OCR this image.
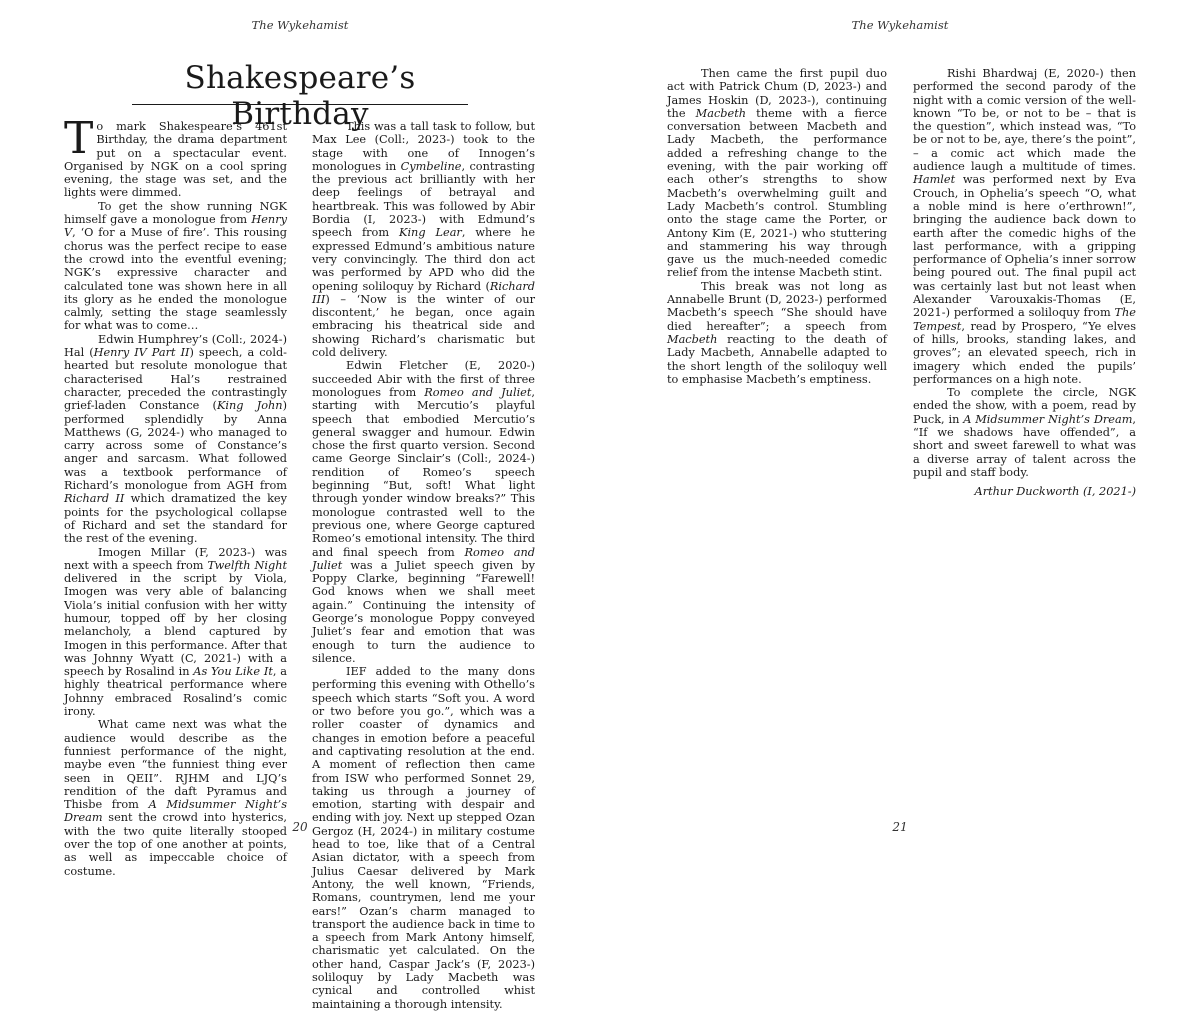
The Wykehamist
Shakespeare’s Birthday

To mark Shakespeare’s 461st Birthday, the drama department put on a spectacular event. Organised by NGK on a cool spring evening, the stage was set, and the lights were dimmed.

To get the show running NGK himself gave a monologue from Henry V, ‘O for a Muse of fire’. This rousing chorus was the perfect recipe to ease the crowd into the eventful evening; NGK’s expressive character and calculated tone was shown here in all its glory as he ended the monologue calmly, setting the stage seamlessly for what was to come…

Edwin Humphrey’s (Coll:, 2024-) Hal (Henry IV Part II) speech, a cold-hearted but resolute monologue that characterised Hal’s restrained character, preceded the contrastingly grief-laden Constance (King John) performed splendidly by Anna Matthews (G, 2024-) who managed to carry across some of Constance’s anger and sarcasm. What followed was a textbook performance of Richard’s monologue from AGH from Richard II which dramatized the key points for the psychological collapse of Richard and set the standard for the rest of the evening.

Imogen Millar (F, 2023-) was next with a speech from Twelfth Night delivered in the script by Viola, Imogen was very able of balancing Viola’s initial confusion with her witty humour, topped off by her closing melancholy, a blend captured by Imogen in this performance. After that was Johnny Wyatt (C, 2021-) with a speech by Rosalind in As You Like It, a highly theatrical performance where Johnny embraced Rosalind’s comic irony.

What came next was what the audience would describe as the funniest performance of the night, maybe even “the funniest thing ever seen in QEII”. RJHM and LJQ’s rendition of the daft Pyramus and Thisbe from A Midsummer Night’s Dream sent the crowd into hysterics, with the two quite literally stooped over the top of one another at points, as well as impeccable choice of costume.

This was a tall task to follow, but Max Lee (Coll:, 2023-) took to the stage with one of Innogen’s monologues in Cymbeline, contrasting the previous act brilliantly with her deep feelings of betrayal and heartbreak. This was followed by Abir Bordia (I, 2023-) with Edmund’s speech from King Lear, where he expressed Edmund’s ambitious nature very convincingly. The third don act was performed by APD who did the opening soliloquy by Richard (Richard III) – ‘Now is the winter of our discontent,’ he began, once again embracing his theatrical side and showing Richard’s charismatic but cold delivery.

Edwin Fletcher (E, 2020-) succeeded Abir with the first of three monologues from Romeo and Juliet, starting with Mercutio’s playful speech that embodied Mercutio’s general swagger and humour. Edwin chose the first quarto version. Second came George Sinclair’s (Coll:, 2024-) rendition of Romeo’s speech beginning “But, soft! What light through yonder window breaks?” This monologue contrasted well to the previous one, where George captured Romeo’s emotional intensity. The third and final speech from Romeo and Juliet was a Juliet speech given by Poppy Clarke, beginning “Farewell! God knows when we shall meet again.” Continuing the intensity of George’s monologue Poppy conveyed Juliet’s fear and emotion that was enough to turn the audience to silence.

IEF added to the many dons performing this evening with Othello’s speech which starts “Soft you. A word or two before you go.”, which was a roller coaster of dynamics and changes in emotion before a peaceful and captivating resolution at the end. A moment of reflection then came from ISW who performed Sonnet 29, taking us through a journey of emotion, starting with despair and ending with joy. Next up stepped Ozan Gergoz (H, 2024-) in military costume head to toe, like that of a Central Asian dictator, with a speech from Julius Caesar delivered by Mark Antony, the well known, “Friends, Romans, countrymen, lend me your ears!” Ozan’s charm managed to transport the audience back in time to a speech from Mark Antony himself, charismatic yet calculated. On the other hand, Caspar Jack’s (F, 2023-) soliloquy by Lady Macbeth was cynical and controlled whist maintaining a thorough intensity.

20
The Wykehamist
21

Then came the first pupil duo act with Patrick Chum (D, 2023-) and James Hoskin (D, 2023-), continuing the Macbeth theme with a fierce conversation between Macbeth and Lady Macbeth, the performance added a refreshing change to the evening, with the pair working off each other’s strengths to show Macbeth’s overwhelming guilt and Lady Macbeth’s control. Stumbling onto the stage came the Porter, or Antony Kim (E, 2021-) who stuttering and stammering his way through gave us the much-needed comedic relief from the intense Macbeth stint.

This break was not long as Annabelle Brunt (D, 2023-) performed Macbeth’s speech “She should have died hereafter”; a speech from Macbeth reacting to the death of Lady Macbeth, Annabelle adapted to the short length of the soliloquy well to emphasise Macbeth’s emptiness.

Rishi Bhardwaj (E, 2020-) then performed the second parody of the night with a comic version of the well-known “To be, or not to be – that is the question”, which instead was, “To be or not to be, aye, there’s the point”, – a comic act which made the audience laugh a multitude of times. Hamlet was performed next by Eva Crouch, in Ophelia’s speech “O, what a noble mind is here o’erthrown!”, bringing the audience back down to earth after the comedic highs of the last performance, with a gripping performance of Ophelia’s inner sorrow being poured out. The final pupil act was certainly last but not least when Alexander Varouxakis-Thomas (E, 2021-) performed a soliloquy from The Tempest, read by Prospero, “Ye elves of hills, brooks, standing lakes, and groves”; an elevated speech, rich in imagery which ended the pupils’ performances on a high note.

To complete the circle, NGK ended the show, with a poem, read by Puck, in A Midsummer Night’s Dream, “If we shadows have offended”, a short and sweet farewell to what was a diverse array of talent across the pupil and staff body.

Arthur Duckworth (I, 2021-)
